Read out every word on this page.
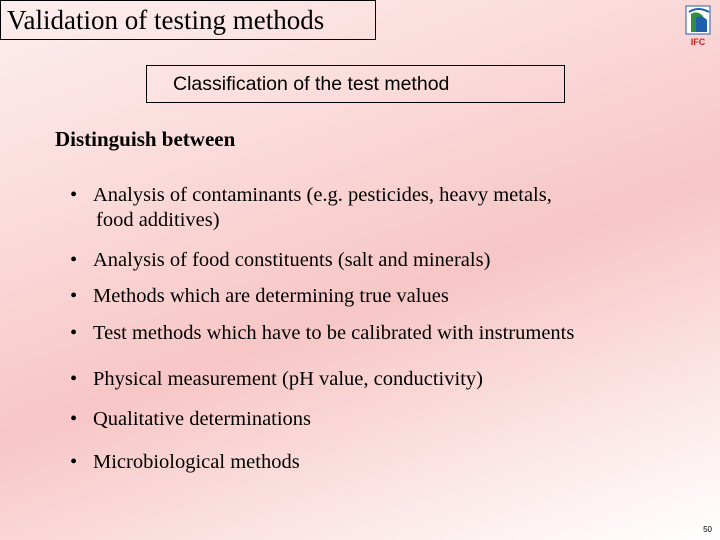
Validation of testing methods
IFC
Classification of the test method
Distinguish between
• Analysis of contaminants (e.g. pesticides, heavy metals,
food additives)
• Analysis of food constituents (salt and minerals)
• Methods which are determining true values
• Test methods which have to be calibrated with instruments
• Physical measurement (pH value, conductivity)
• Qualitative determinations
• Microbiological methods
50
